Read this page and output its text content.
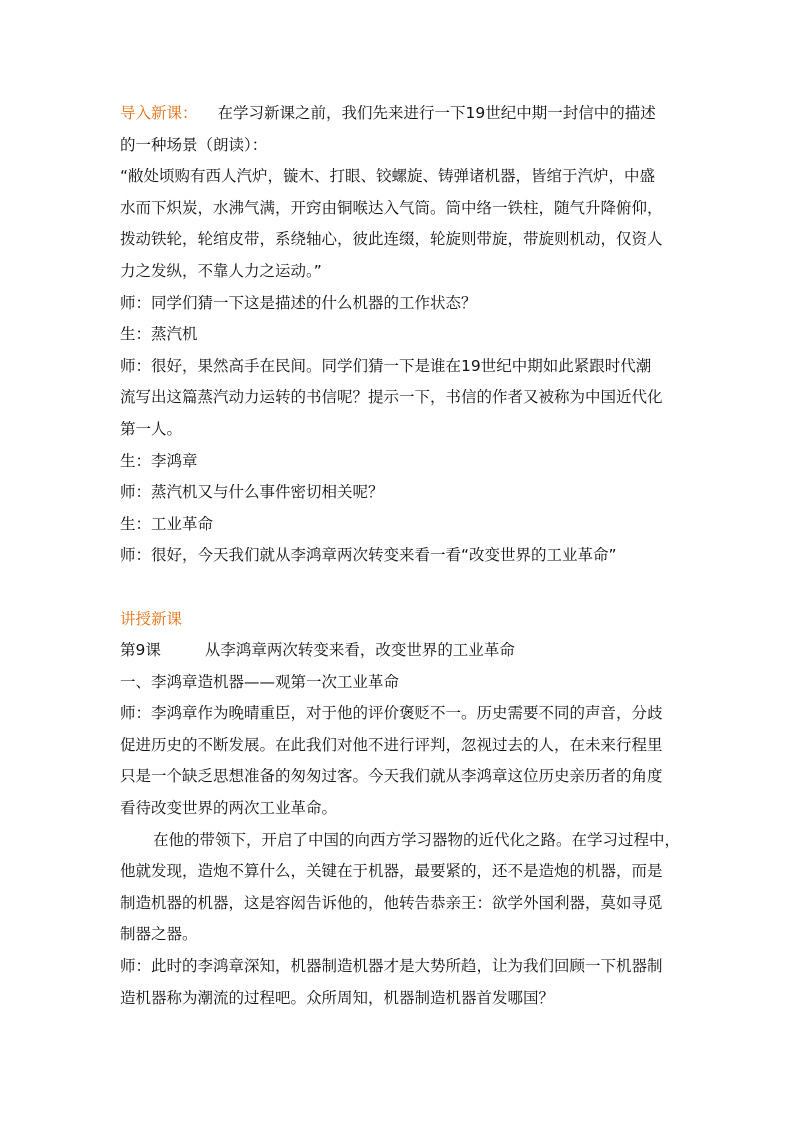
导入新课： 在学习新课之前，我们先来进行一下19世纪中期一封信中的描述

的一种场景（朗读）：

“敝处顷购有西人汽炉，镟木、打眼、铰螺旋、铸弹诸机器，皆绾于汽炉，中盛

水而下炽炭，水沸气满，开窍由铜喉达入气筒。筒中络一铁柱，随气升降俯仰，

拨动铁轮，轮绾皮带，系绕轴心，彼此连缀，轮旋则带旋，带旋则机动，仅资人

力之发纵，不靠人力之运动。”

师：同学们猜一下这是描述的什么机器的工作状态？

生：蒸汽机

师：很好，果然高手在民间。同学们猜一下是谁在19世纪中期如此紧跟时代潮

流写出这篇蒸汽动力运转的书信呢？提示一下，书信的作者又被称为中国近代化

第一人。

生：李鸿章

师：蒸汽机又与什么事件密切相关呢？

生：工业革命

师：很好，今天我们就从李鸿章两次转变来看一看“改变世界的工业革命”

讲授新课

第9课	从李鸿章两次转变来看，改变世界的工业革命

一、李鸿章造机器——观第一次工业革命

师：李鸿章作为晚晴重臣，对于他的评价褒贬不一。历史需要不同的声音，分歧

促进历史的不断发展。在此我们对他不进行评判，忽视过去的人，在未来行程里

只是一个缺乏思想准备的匆匆过客。今天我们就从李鸿章这位历史亲历者的角度

看待改变世界的两次工业革命。

在他的带领下，开启了中国的向西方学习器物的近代化之路。在学习过程中，

他就发现，造炮不算什么，关键在于机器，最要紧的，还不是造炮的机器，而是

制造机器的机器，这是容闳告诉他的，他转告恭亲王：欲学外国利器，莫如寻觅

制器之器。

师：此时的李鸿章深知，机器制造机器才是大势所趋，让为我们回顾一下机器制

造机器称为潮流的过程吧。众所周知，机器制造机器首发哪国？
